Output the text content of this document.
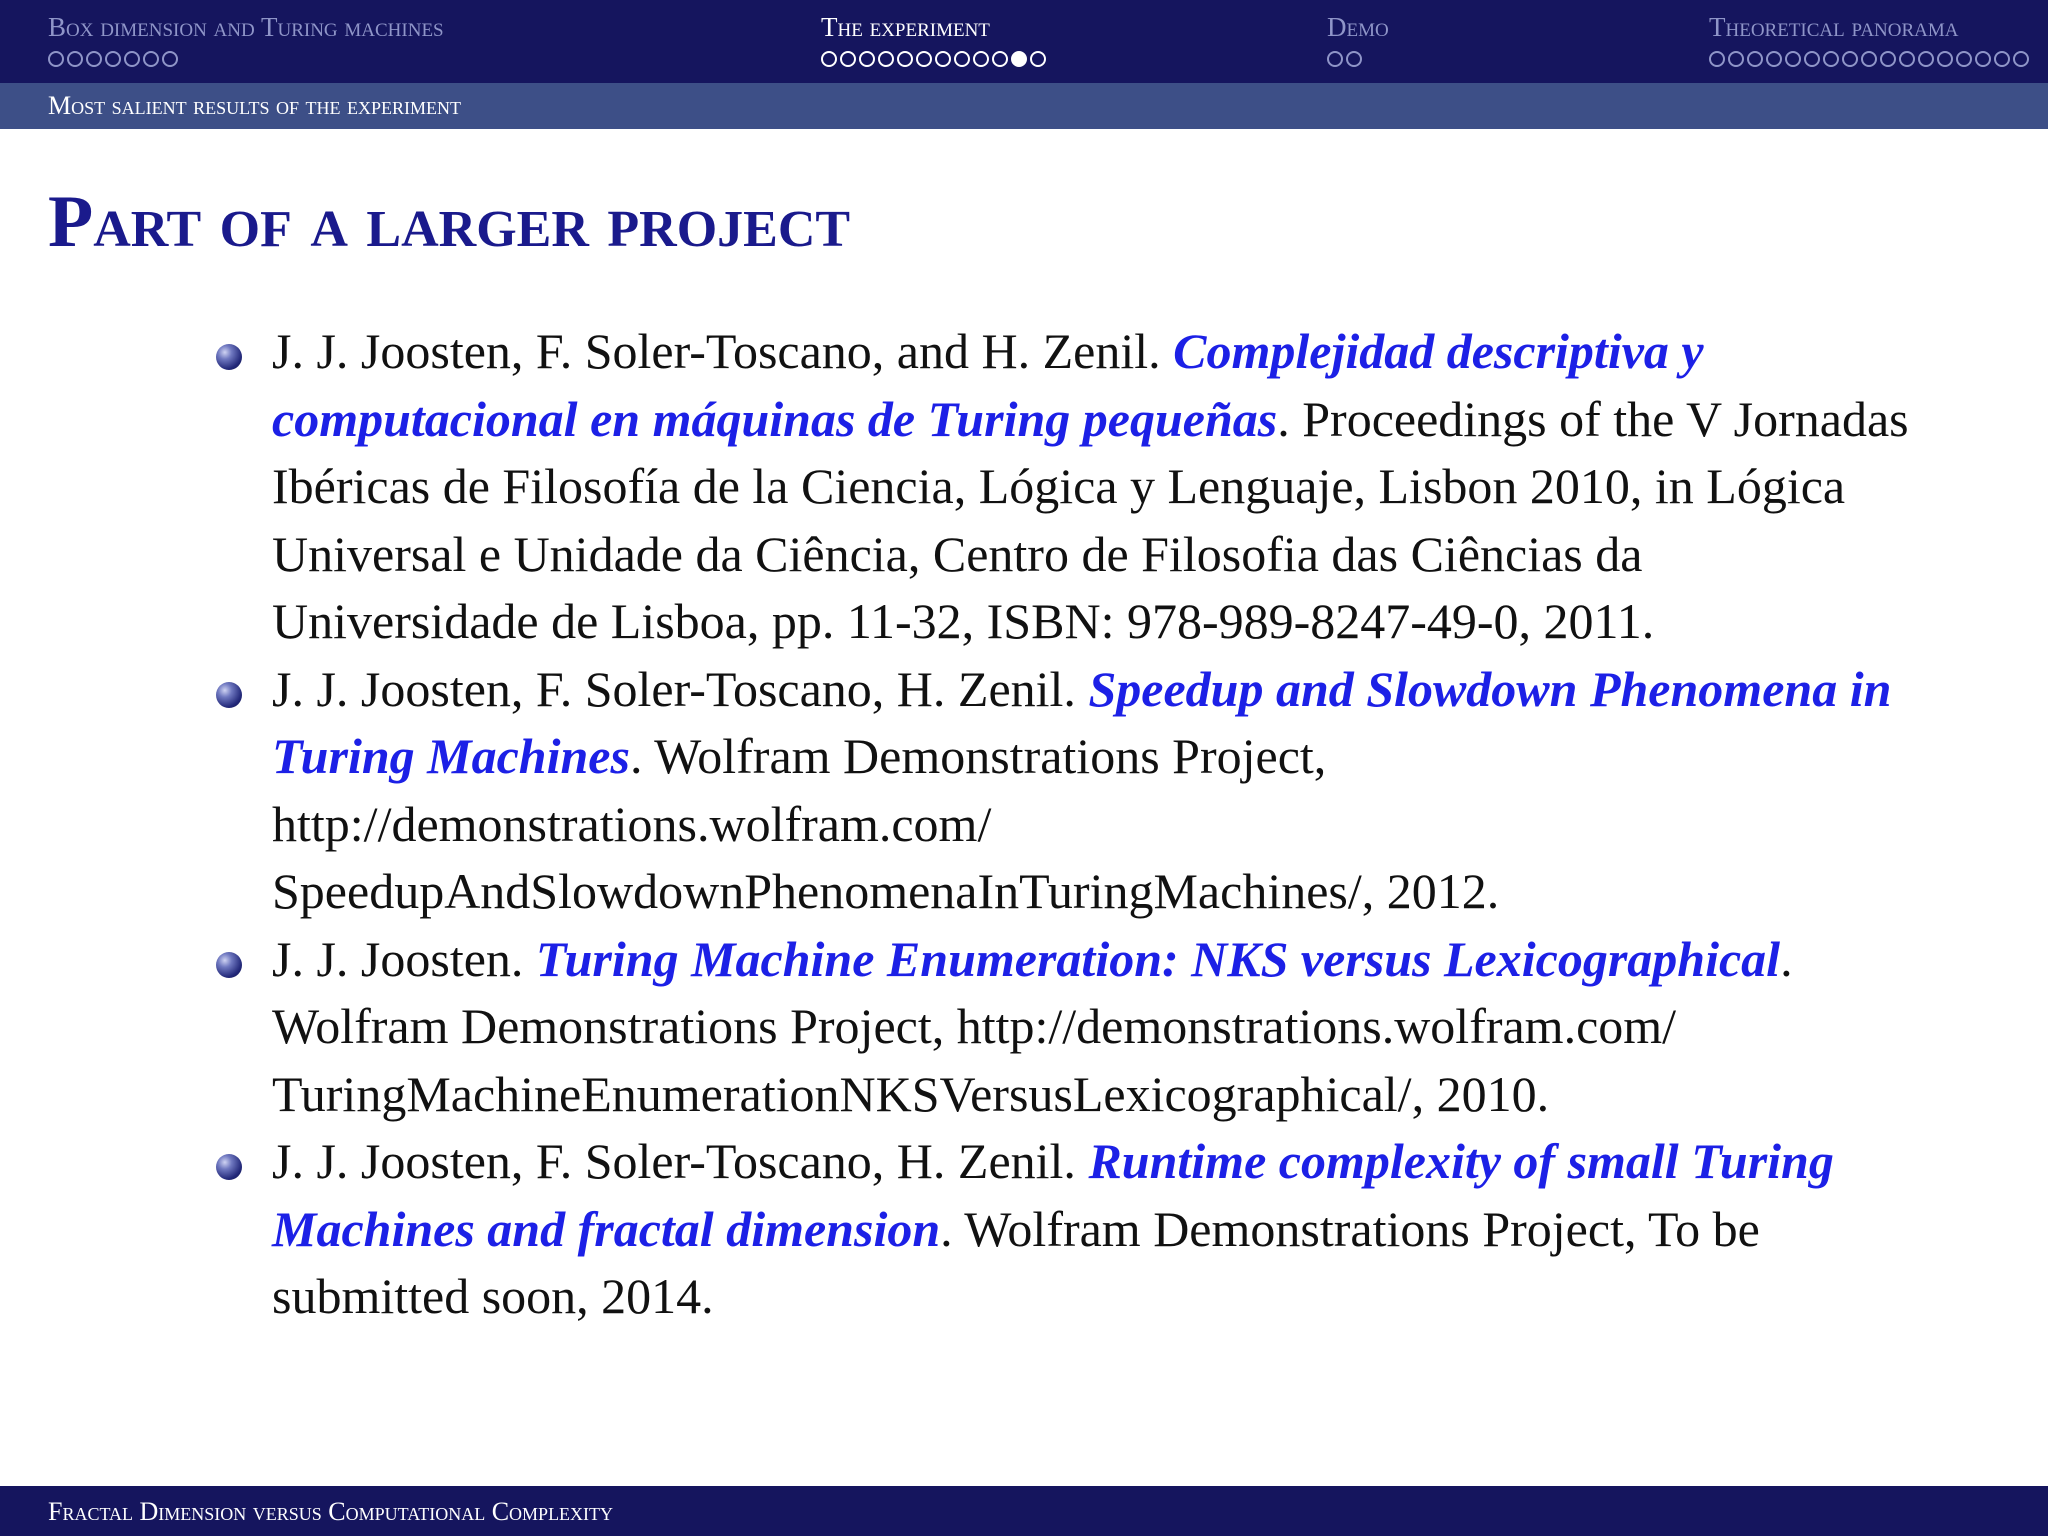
Box dimension and Turing machines	The experiment	Demo	Theoretical panorama
Most salient results of the experiment
Part of a larger project
J. J. Joosten, F. Soler-Toscano, and H. Zenil. Complejidad descriptiva y computacional en máquinas de Turing pequeñas. Proceedings of the V Jornadas Ibéricas de Filosofía de la Ciencia, Lógica y Lenguaje, Lisbon 2010, in Lógica Universal e Unidade da Ciência, Centro de Filosofia das Ciências da Universidade de Lisboa, pp. 11-32, ISBN: 978-989-8247-49-0, 2011.
J. J. Joosten, F. Soler-Toscano, H. Zenil. Speedup and Slowdown Phenomena in Turing Machines. Wolfram Demonstrations Project, http://demonstrations.wolfram.com/ SpeedupAndSlowdownPhenomenaInTuringMachines/, 2012.
J. J. Joosten. Turing Machine Enumeration: NKS versus Lexicographical. Wolfram Demonstrations Project, http://demonstrations.wolfram.com/ TuringMachineEnumerationNKSVersusLexicographical/, 2010.
J. J. Joosten, F. Soler-Toscano, H. Zenil. Runtime complexity of small Turing Machines and fractal dimension. Wolfram Demonstrations Project, To be submitted soon, 2014.
Fractal Dimension versus Computational Complexity
